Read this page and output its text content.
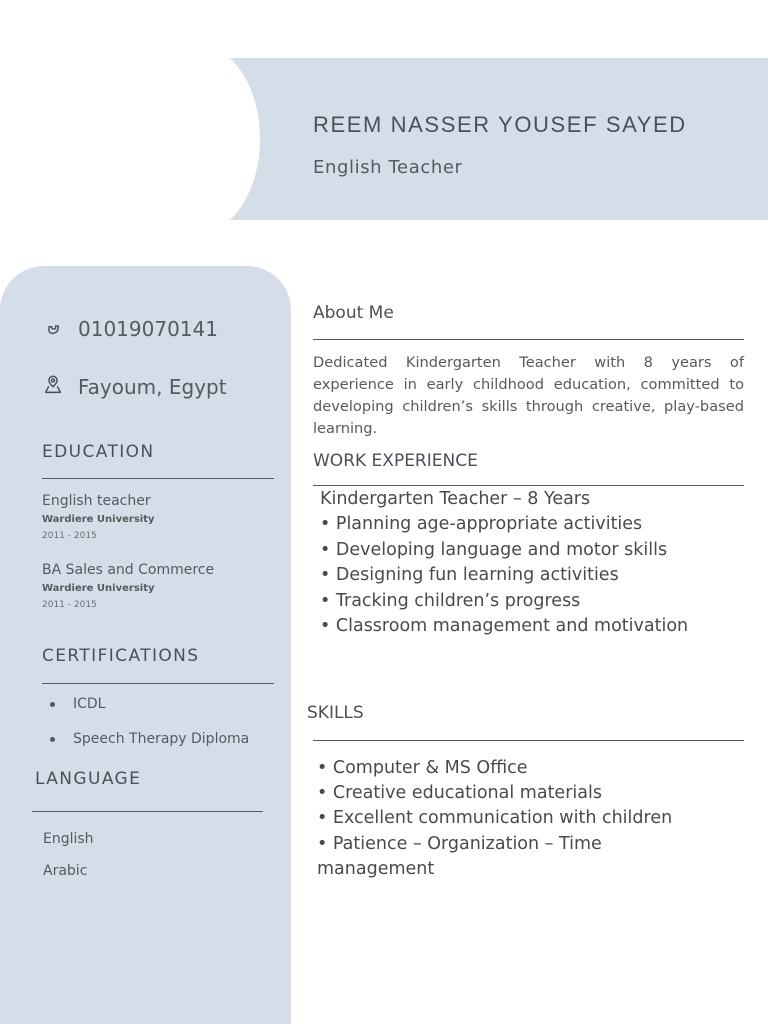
REEM NASSER YOUSEF SAYED
English Teacher
01019070141
Fayoum, Egypt
EDUCATION
English teacher
Wardiere University
2011 - 2015
BA Sales and Commerce
Wardiere University
2011 - 2015
CERTIFICATIONS
ICDL
Speech Therapy Diploma
LANGUAGE
English
Arabic
About Me
Dedicated Kindergarten Teacher with 8 years of experience in early childhood education, committed to developing children’s skills through creative, play-based learning.
WORK EXPERIENCE
Kindergarten Teacher – 8 Years
• Planning age-appropriate activities
• Developing language and motor skills
• Designing fun learning activities
• Tracking children’s progress
• Classroom management and motivation
SKILLS
• Computer & MS Office
• Creative educational materials
• Excellent communication with children
• Patience – Organization – Time
management
